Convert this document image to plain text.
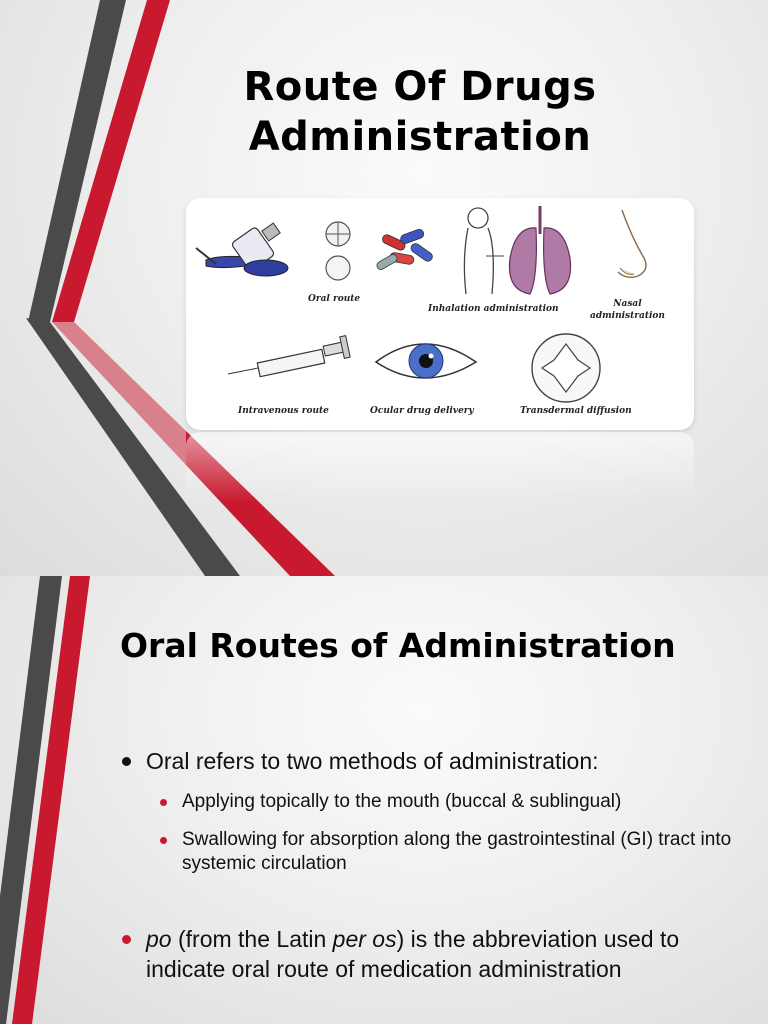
Route Of Drugs
Administration
Oral route
Inhalation administration	Nasal
administration
Intravenous route	Ocular drug delivery	Transdermal diffusion
Oral Routes of Administration
Oral refers to two methods of administration:
Applying topically to the mouth (buccal & sublingual)
Swallowing for absorption along the gastrointestinal (GI) tract into systemic circulation
po (from the Latin per os) is the abbreviation used to indicate oral route of medication administration
